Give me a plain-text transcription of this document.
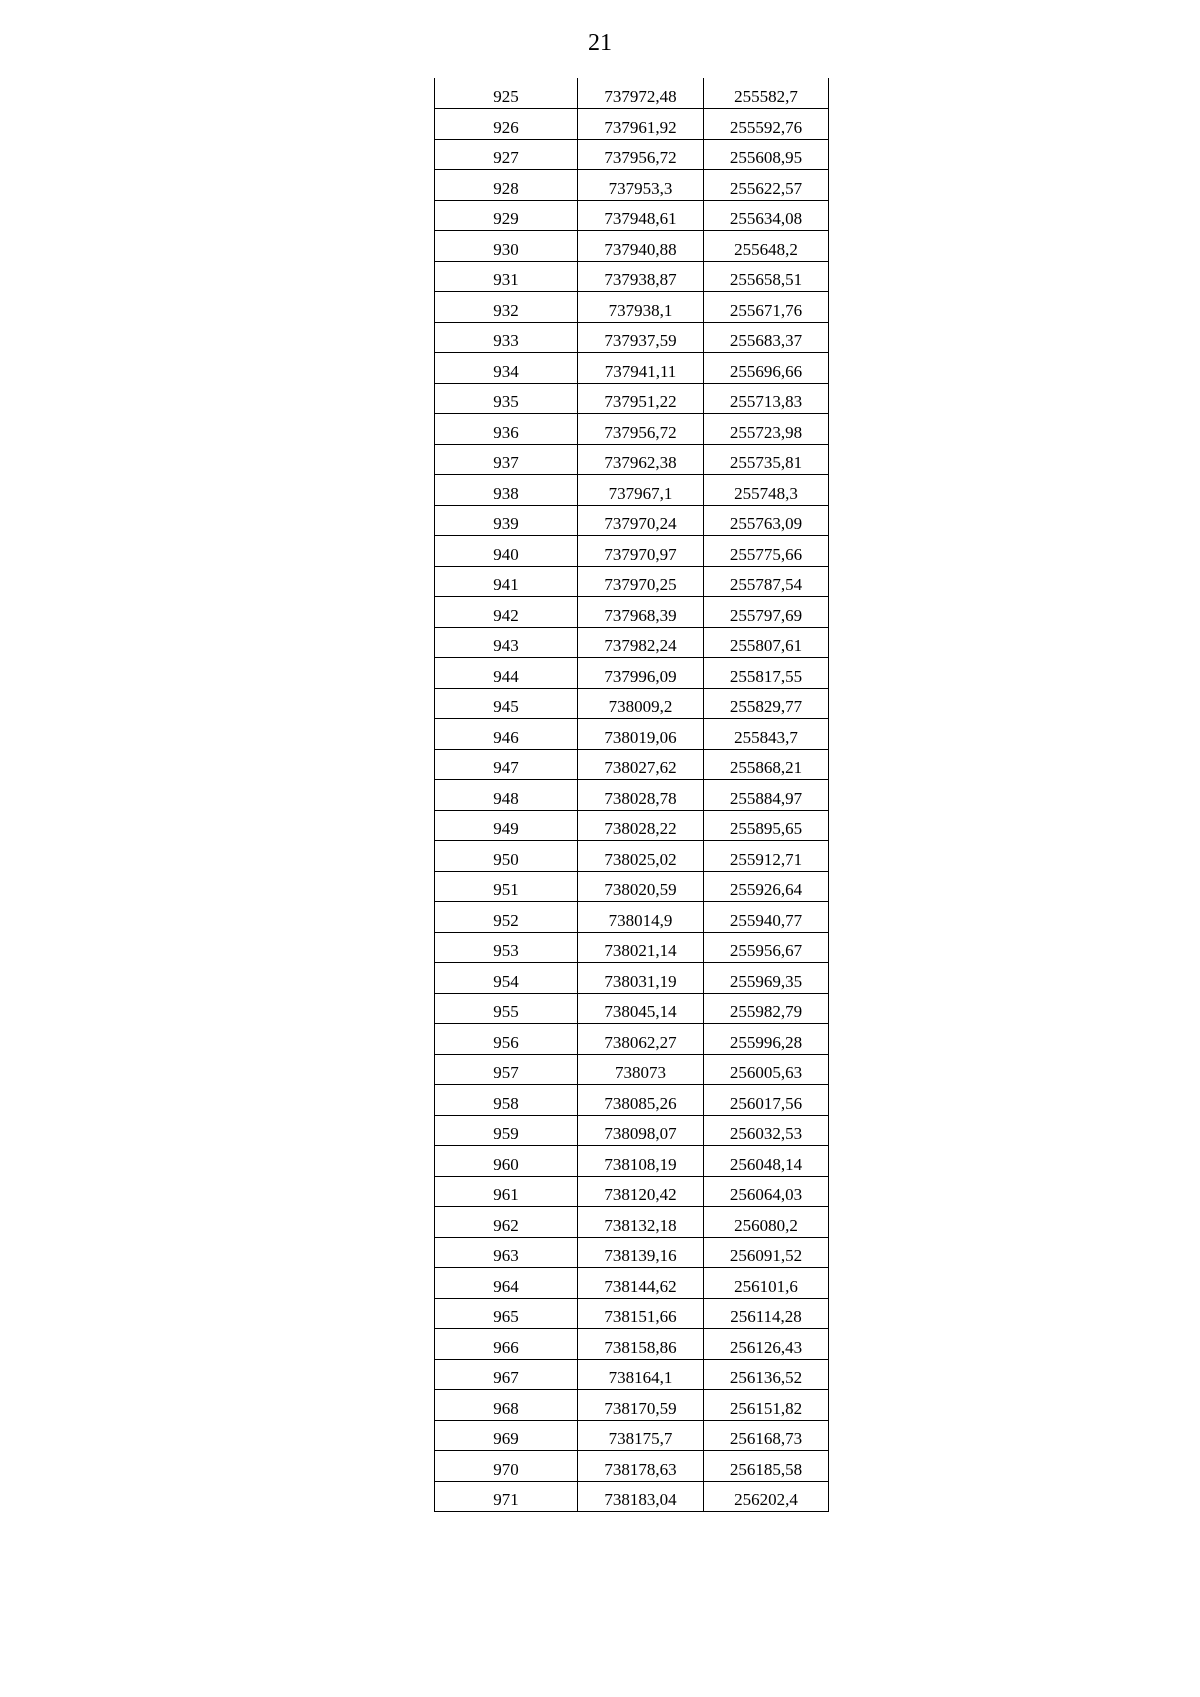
21
925	737972,48	255582,7
926	737961,92	255592,76
927	737956,72	255608,95
928	737953,3	255622,57
929	737948,61	255634,08
930	737940,88	255648,2
931	737938,87	255658,51
932	737938,1	255671,76
933	737937,59	255683,37
934	737941,11	255696,66
935	737951,22	255713,83
936	737956,72	255723,98
937	737962,38	255735,81
938	737967,1	255748,3
939	737970,24	255763,09
940	737970,97	255775,66
941	737970,25	255787,54
942	737968,39	255797,69
943	737982,24	255807,61
944	737996,09	255817,55
945	738009,2	255829,77
946	738019,06	255843,7
947	738027,62	255868,21
948	738028,78	255884,97
949	738028,22	255895,65
950	738025,02	255912,71
951	738020,59	255926,64
952	738014,9	255940,77
953	738021,14	255956,67
954	738031,19	255969,35
955	738045,14	255982,79
956	738062,27	255996,28
957	738073	256005,63
958	738085,26	256017,56
959	738098,07	256032,53
960	738108,19	256048,14
961	738120,42	256064,03
962	738132,18	256080,2
963	738139,16	256091,52
964	738144,62	256101,6
965	738151,66	256114,28
966	738158,86	256126,43
967	738164,1	256136,52
968	738170,59	256151,82
969	738175,7	256168,73
970	738178,63	256185,58
971	738183,04	256202,4
